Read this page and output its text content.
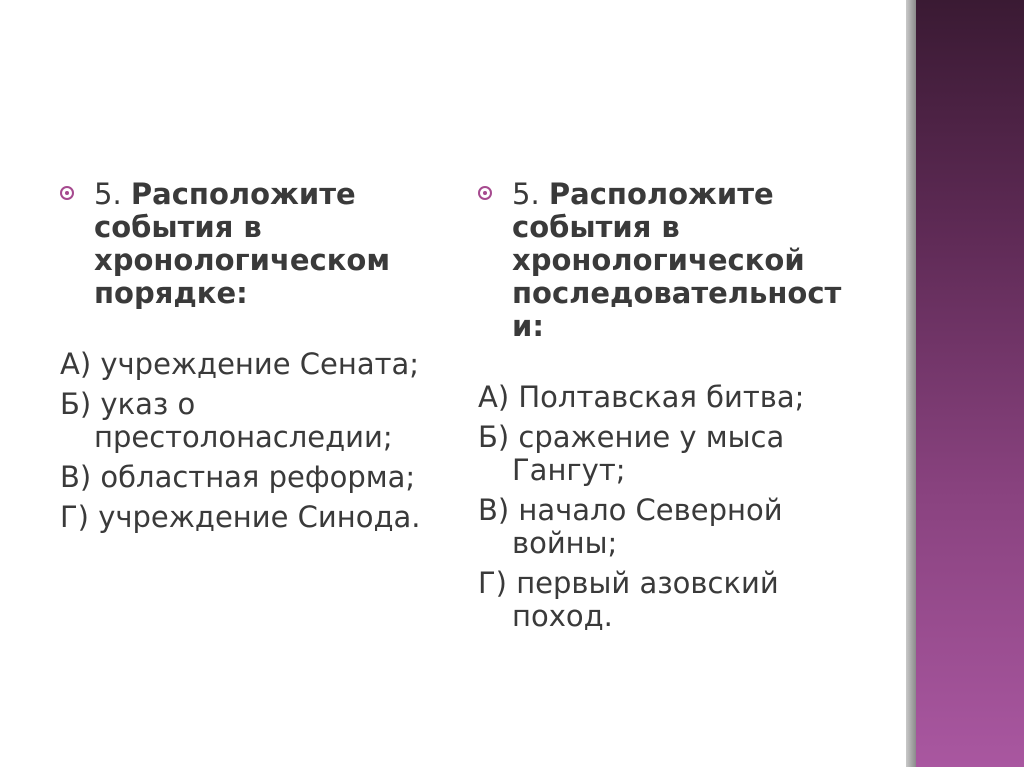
5. Расположите события в хронологическом порядке:
А) учреждение Сената;
Б) указ о престолонаследии;
В) областная реформа;
Г) учреждение Синода.
5. Расположите события в хронологической последовательност и:
А) Полтавская битва;
Б) сражение у мыса Гангут;
В) начало Северной войны;
Г) первый азовский поход.
